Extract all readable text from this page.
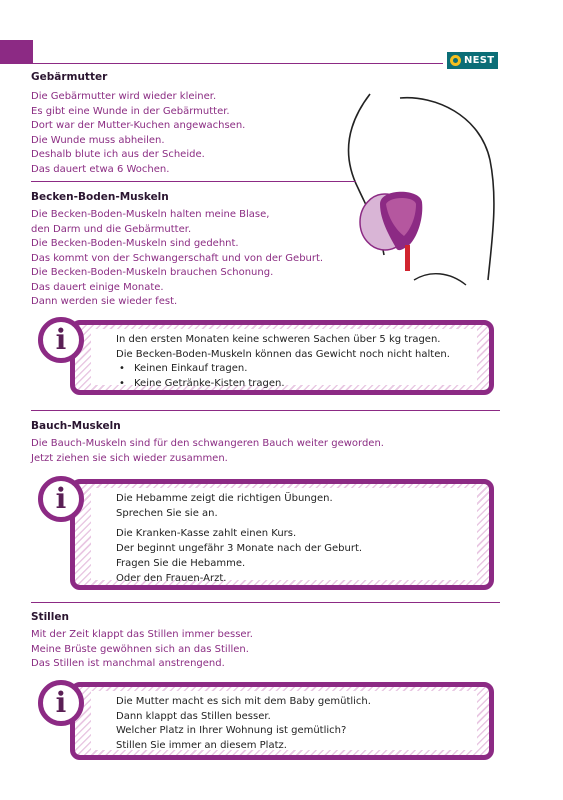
NEST
Gebärmutter

Die Gebärmutter wird wieder kleiner.

Es gibt eine Wunde in der Gebärmutter.

Dort war der Mutter-Kuchen angewachsen.

Die Wunde muss abheilen.

Deshalb blute ich aus der Scheide.

Das dauert etwa 6 Wochen.

Becken-Boden-Muskeln

Die Becken-Boden-Muskeln halten meine Blase,

den Darm und die Gebärmutter.

Die Becken-Boden-Muskeln sind gedehnt.

Das kommt von der Schwangerschaft und von der Geburt.

Die Becken-Boden-Muskeln brauchen Schonung.

Das dauert einige Monate.

Dann werden sie wieder fest.

In den ersten Monaten keine schweren Sachen über 5 kg tragen.

Die Becken-Boden-Muskeln können das Gewicht noch nicht halten.

• Keinen Einkauf tragen.
• Keine Getränke-Kisten tragen.
i
Bauch-Muskeln

Die Bauch-Muskeln sind für den schwangeren Bauch weiter geworden.

Jetzt ziehen sie sich wieder zusammen.

Die Hebamme zeigt die richtigen Übungen.

Sprechen Sie sie an.

Die Kranken-Kasse zahlt einen Kurs.

Der beginnt ungefähr 3 Monate nach der Geburt.

Fragen Sie die Hebamme.

Oder den Frauen-Arzt.

i
Stillen

Mit der Zeit klappt das Stillen immer besser.

Meine Brüste gewöhnen sich an das Stillen.

Das Stillen ist manchmal anstrengend.

Die Mutter macht es sich mit dem Baby gemütlich.

Dann klappt das Stillen besser.

Welcher Platz in Ihrer Wohnung ist gemütlich?

Stillen Sie immer an diesem Platz.

i
